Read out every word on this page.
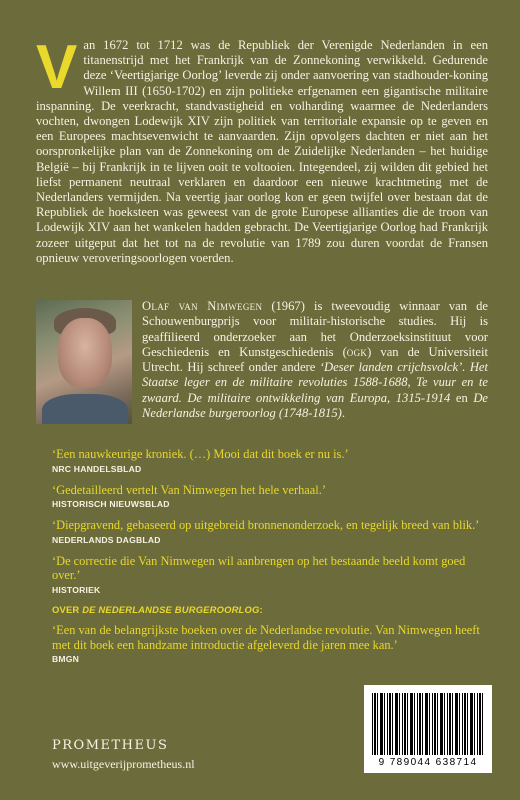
Van 1672 tot 1712 was de Republiek der Verenigde Nederlanden in een titanenstrijd met het Frankrijk van de Zonnekoning verwikkeld. Gedurende deze ‘Veertigjarige Oorlog’ leverde zij onder aanvoering van stadhouder-koning Willem III (1650-1702) en zijn politieke erfgenamen een gigantische militaire inspanning. De veerkracht, standvastigheid en volharding waarmee de Nederlanders vochten, dwongen Lodewijk XIV zijn politiek van territoriale expansie op te geven en een Europees machtsevenwicht te aanvaarden. Zijn opvolgers dachten er niet aan het oorspronkelijke plan van de Zonnekoning om de Zuidelijke Nederlanden – het huidige België – bij Frankrijk in te lijven ooit te voltooien. Integendeel, zij wilden dit gebied het liefst permanent neutraal verklaren en daardoor een nieuwe krachtmeting met de Nederlanders vermijden. Na veertig jaar oorlog kon er geen twijfel over bestaan dat de Republiek de hoeksteen was geweest van de grote Europese allianties die de troon van Lodewijk XIV aan het wankelen hadden gebracht. De Veertigjarige Oorlog had Frankrijk zozeer uitgeput dat het tot na de revolutie van 1789 zou duren voordat de Fransen opnieuw veroveringsoorlogen voerden.
Olaf van Nimwegen (1967) is tweevoudig winnaar van de Schouwenburgprijs voor militair-historische studies. Hij is geaffilieerd onderzoeker aan het Onderzoeksinstituut voor Geschiedenis en Kunstgeschiedenis (ogk) van de Universiteit Utrecht. Hij schreef onder andere ‘Deser landen crijchsvolck’. Het Staatse leger en de militaire revoluties 1588-1688, Te vuur en te zwaard. De militaire ontwikkeling van Europa, 1315-1914 en De Nederlandse burgeroorlog (1748-1815).
‘Een nauwkeurige kroniek. (…) Mooi dat dit boek er nu is.’
NRC HANDELSBLAD
‘Gedetailleerd vertelt Van Nimwegen het hele verhaal.’
HISTORISCH NIEUWSBLAD
‘Diepgravend, gebaseerd op uitgebreid bronnenonderzoek, en tegelijk breed van blik.’
NEDERLANDS DAGBLAD
‘De correctie die Van Nimwegen wil aanbrengen op het bestaande beeld komt goed over.’
HISTORIEK
OVER DE NEDERLANDSE BURGEROORLOG:
‘Een van de belangrijkste boeken over de Nederlandse revolutie. Van Nimwegen heeft met dit boek een handzame introductie afgeleverd die jaren mee kan.’
BMGN
PROMETHEUS
www.uitgeverijprometheus.nl	9 789044 638714
